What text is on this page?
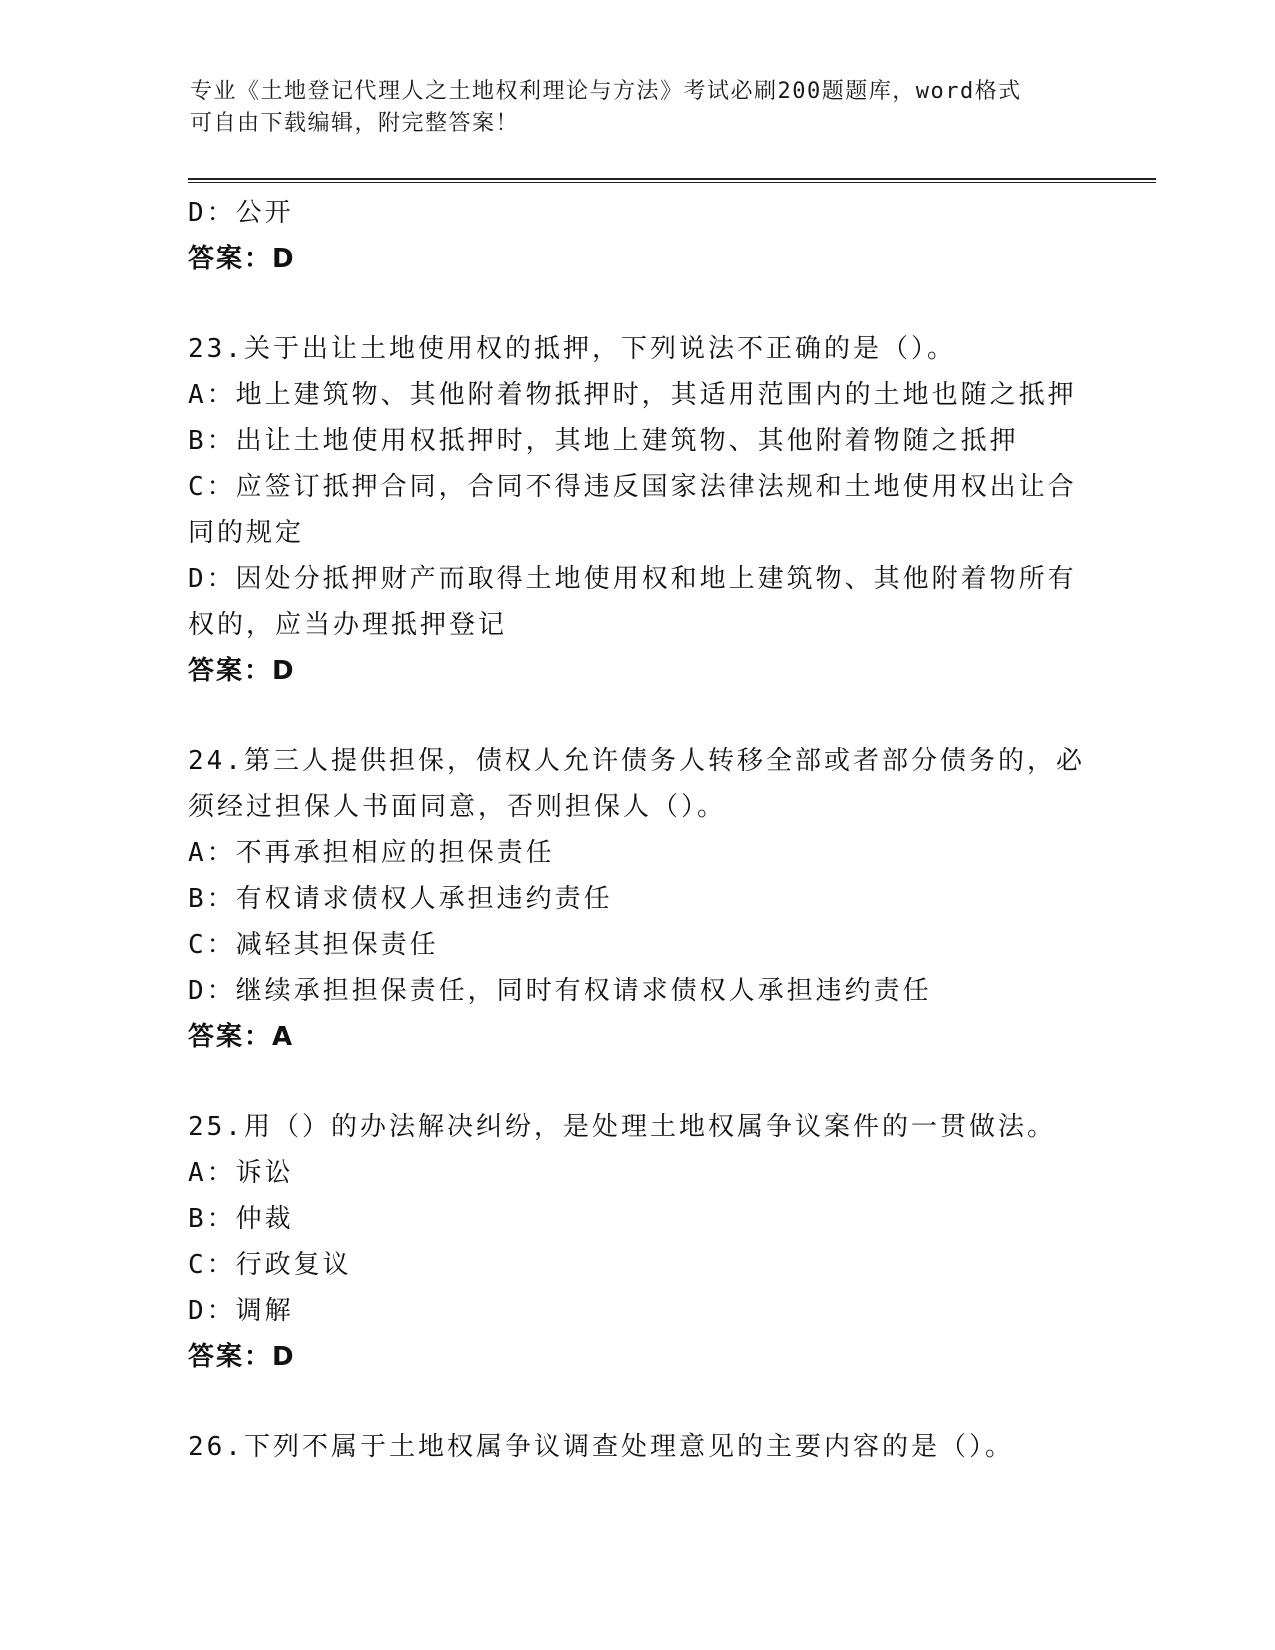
专业《土地登记代理人之土地权利理论与方法》考试必刷200题题库，word格式
可自由下载编辑，附完整答案！

D：公开

答案：D

23.关于出让土地使用权的抵押，下列说法不正确的是（）。

A：地上建筑物、其他附着物抵押时，其适用范围内的土地也随之抵押

B：出让土地使用权抵押时，其地上建筑物、其他附着物随之抵押

C：应签订抵押合同，合同不得违反国家法律法规和土地使用权出让合同的规定

D：因处分抵押财产而取得土地使用权和地上建筑物、其他附着物所有权的，应当办理抵押登记

答案：D

24.第三人提供担保，债权人允许债务人转移全部或者部分债务的，必须经过担保人书面同意，否则担保人（）。

A：不再承担相应的担保责任

B：有权请求债权人承担违约责任

C：减轻其担保责任

D：继续承担担保责任，同时有权请求债权人承担违约责任

答案：A

25.用（）的办法解决纠纷，是处理土地权属争议案件的一贯做法。

A：诉讼

B：仲裁

C：行政复议

D：调解

答案：D

26.下列不属于土地权属争议调查处理意见的主要内容的是（）。
